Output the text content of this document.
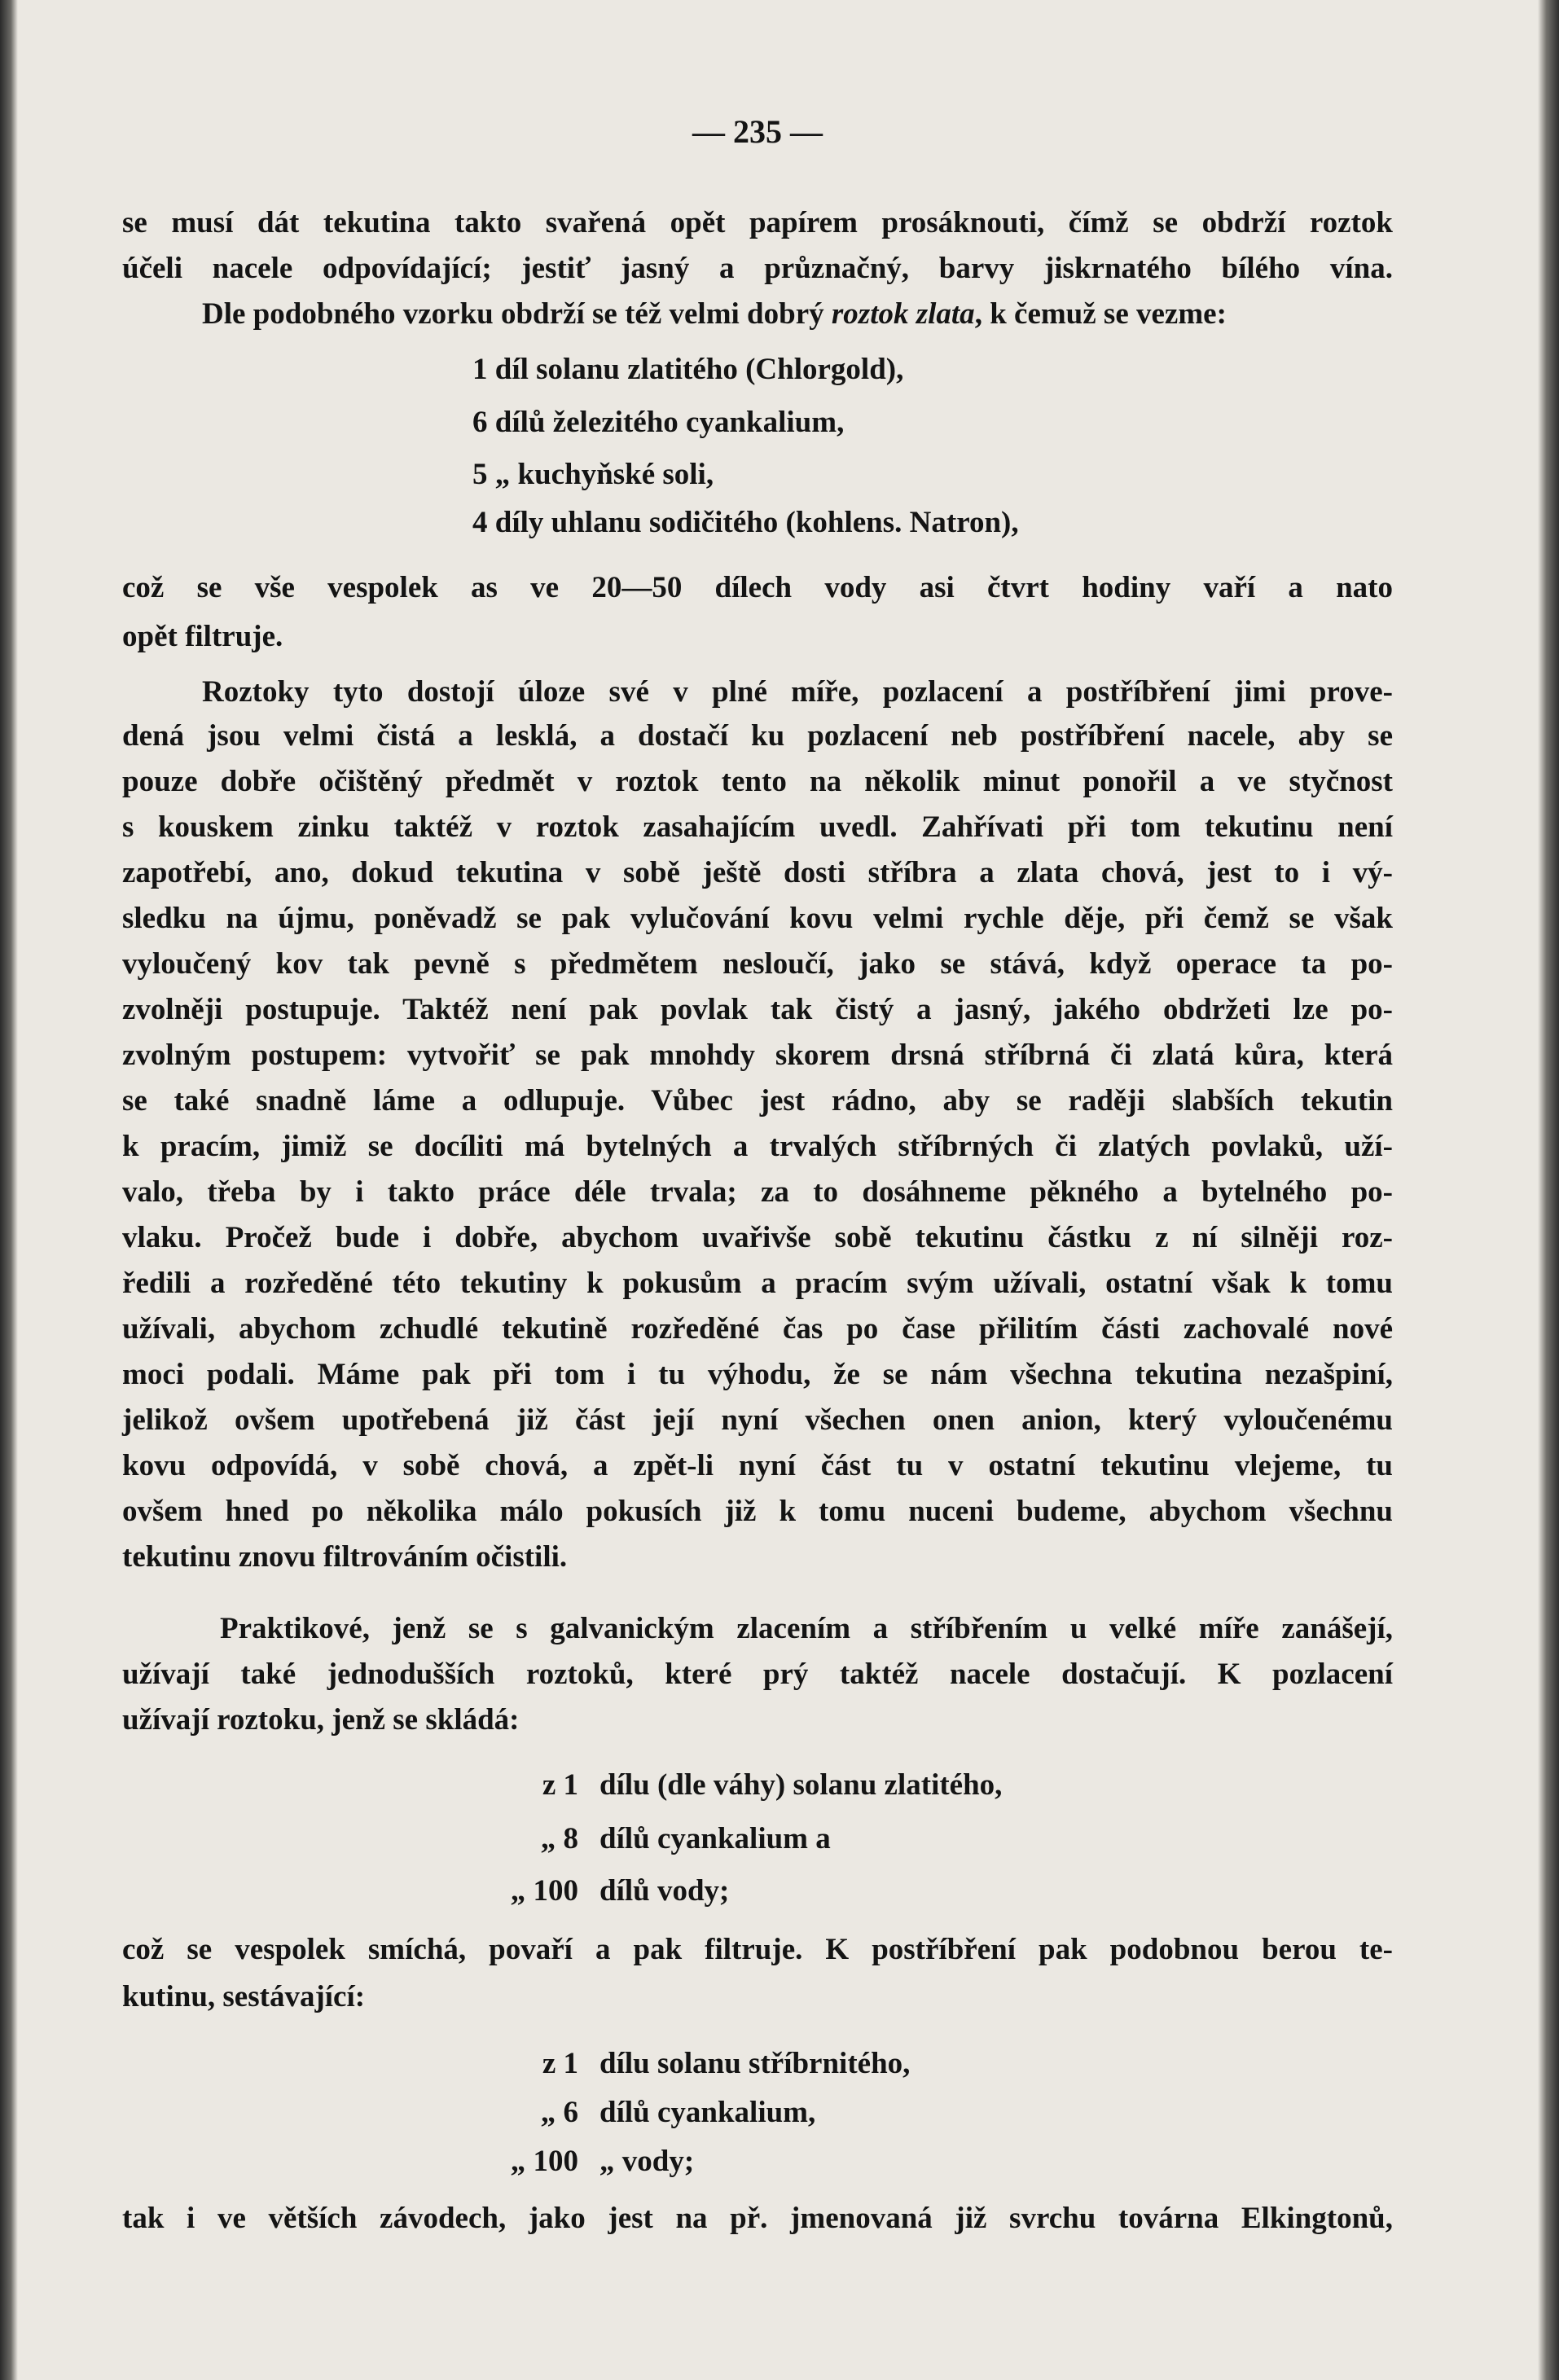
— 235 —
se musí dát tekutina takto svařená opět papírem prosáknouti, čímž se obdrží roztok
účeli nacele odpovídající; jestiť jasný a průznačný, barvy jiskrnatého bílého vína.
Dle podobného vzorku obdrží se též velmi dobrý roztok zlata, k čemuž se vezme:
1 díl solanu zlatitého (Chlorgold),
6 dílů železitého cyankalium,
5 „ kuchyňské soli,
4 díly uhlanu sodičitého (kohlens. Natron),
což se vše vespolek as ve 20—50 dílech vody asi čtvrt hodiny vaří a nato
opět filtruje.
Roztoky tyto dostojí úloze své v plné míře, pozlacení a postříbření jimi prove-
dená jsou velmi čistá a lesklá, a dostačí ku pozlacení neb postříbření nacele, aby se
pouze dobře očištěný předmět v roztok tento na několik minut ponořil a ve styčnost
s kouskem zinku taktéž v roztok zasahajícím uvedl. Zahřívati při tom tekutinu není
zapotřebí, ano, dokud tekutina v sobě ještě dosti stříbra a zlata chová, jest to i vý-
sledku na újmu, poněvadž se pak vylučování kovu velmi rychle děje, při čemž se však
vyloučený kov tak pevně s předmětem nesloučí, jako se stává, když operace ta po-
zvolněji postupuje. Taktéž není pak povlak tak čistý a jasný, jakého obdržeti lze po-
zvolným postupem: vytvořiť se pak mnohdy skorem drsná stříbrná či zlatá kůra, která
se také snadně láme a odlupuje. Vůbec jest rádno, aby se raději slabších tekutin
k pracím, jimiž se docíliti má bytelných a trvalých stříbrných či zlatých povlaků, uží-
valo, třeba by i takto práce déle trvala; za to dosáhneme pěkného a bytelného po-
vlaku. Pročež bude i dobře, abychom uvařivše sobě tekutinu částku z ní silněji roz-
ředili a rozředěné této tekutiny k pokusům a pracím svým užívali, ostatní však k tomu
užívali, abychom zchudlé tekutině rozředěné čas po čase přilitím části zachovalé nové
moci podali. Máme pak při tom i tu výhodu, že se nám všechna tekutina nezašpiní,
jelikož ovšem upotřebená již část její nyní všechen onen anion, který vyloučenému
kovu odpovídá, v sobě chová, a zpět-li nyní část tu v ostatní tekutinu vlejeme, tu
ovšem hned po několika málo pokusích již k tomu nuceni budeme, abychom všechnu
tekutinu znovu filtrováním očistili.
Praktikové, jenž se s galvanickým zlacením a stříbřením u velké míře zanášejí,
užívají také jednodušších roztoků, které prý taktéž nacele dostačují. K pozlacení
užívají roztoku, jenž se skládá:
z 1 dílu (dle váhy) solanu zlatitého,
„ 8 dílů cyankalium a
„ 100 dílů vody;
což se vespolek smíchá, povaří a pak filtruje. K postříbření pak podobnou berou te-
kutinu, sestávající:
z 1 dílu solanu stříbrnitého,
„ 6 dílů cyankalium,
„ 100 „ vody;
tak i ve větších závodech, jako jest na př. jmenovaná již svrchu továrna Elkingtonů,
